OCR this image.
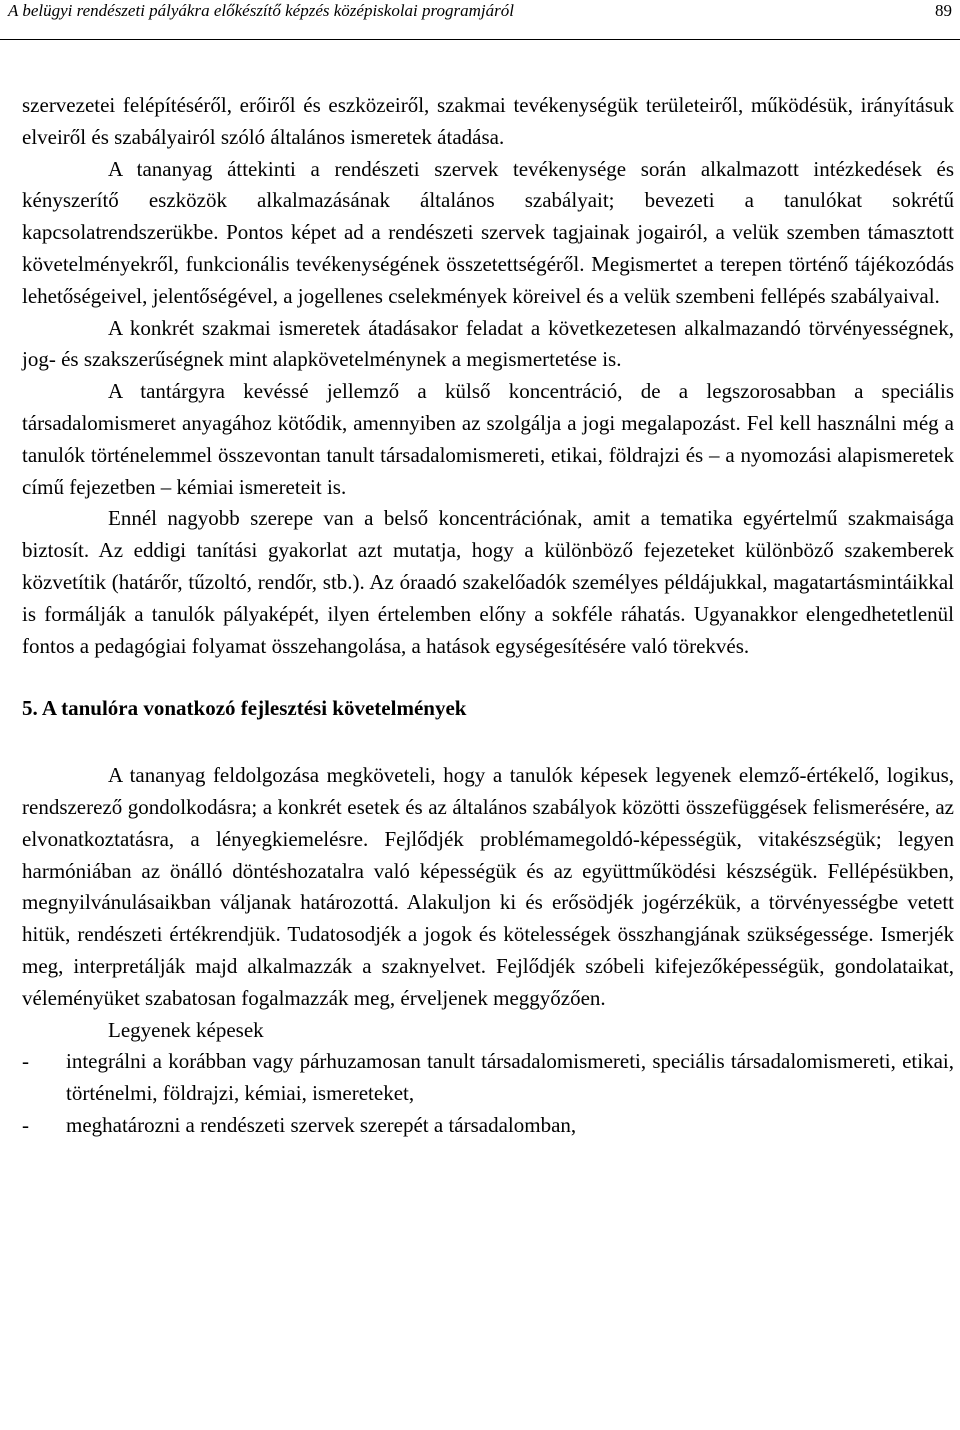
A belügyi rendészeti pályákra előkészítő képzés középiskolai programjáról	89

szervezetei felépítéséről, erőiről és eszközeiről, szakmai tevékenységük területeiről, működésük, irányításuk elveiről és szabályairól szóló általános ismeretek átadása.

A tananyag áttekinti a rendészeti szervek tevékenysége során alkalmazott intézkedések és kényszerítő eszközök alkalmazásának általános szabályait; bevezeti a tanulókat sokrétű kapcsolatrendszerükbe. Pontos képet ad a rendészeti szervek tagjainak jogairól, a velük szemben támasztott követelményekről, funkcionális tevékenységének összetettségéről. Megismertet a terepen történő tájékozódás lehetőségeivel, jelentőségével, a jogellenes cselekmények köreivel és a velük szembeni fellépés szabályaival.

A konkrét szakmai ismeretek átadásakor feladat a következetesen alkalmazandó törvényességnek, jog- és szakszerűségnek mint alapkövetelménynek a megismertetése is.

A tantárgyra kevéssé jellemző a külső koncentráció, de a legszorosabban a speciális társadalomismeret anyagához kötődik, amennyiben az szolgálja a jogi megalapozást. Fel kell használni még a tanulók történelemmel összevontan tanult társadalomismereti, etikai, földrajzi és – a nyomozási alapismeretek című fejezetben – kémiai ismereteit is.

Ennél nagyobb szerepe van a belső koncentrációnak, amit a tematika egyértelmű szakmaisága biztosít. Az eddigi tanítási gyakorlat azt mutatja, hogy a különböző fejezeteket különböző szakemberek közvetítik (határőr, tűzoltó, rendőr, stb.). Az óraadó szakelőadók személyes példájukkal, magatartásmintáikkal is formálják a tanulók pályaképét, ilyen értelemben előny a sokféle ráhatás. Ugyanakkor elengedhetetlenül fontos a pedagógiai folyamat összehangolása, a hatások egységesítésére való törekvés.

5. A tanulóra vonatkozó fejlesztési követelmények

A tananyag feldolgozása megköveteli, hogy a tanulók képesek legyenek elemző-értékelő, logikus, rendszerező gondolkodásra; a konkrét esetek és az általános szabályok közötti összefüggések felismerésére, az elvonatkoztatásra, a lényegkiemelésre. Fejlődjék problémamegoldó-képességük, vitakészségük; legyen harmóniában az önálló döntéshozatalra való képességük és az együttműködési készségük. Fellépésükben, megnyilvánulásaikban váljanak határozottá. Alakuljon ki és erősödjék jogérzékük, a törvényességbe vetett hitük, rendészeti értékrendjük. Tudatosodjék a jogok és kötelességek összhangjának szükségessége. Ismerjék meg, interpretálják majd alkalmazzák a szaknyelvet. Fejlődjék szóbeli kifejezőképességük, gondolataikat, véleményüket szabatosan fogalmazzák meg, érveljenek meggyőzően.

Legyenek képesek

- integrálni a korábban vagy párhuzamosan tanult társadalomismereti, speciális társadalomismereti, etikai, történelmi, földrajzi, kémiai, ismereteket,
- meghatározni a rendészeti szervek szerepét a társadalomban,
